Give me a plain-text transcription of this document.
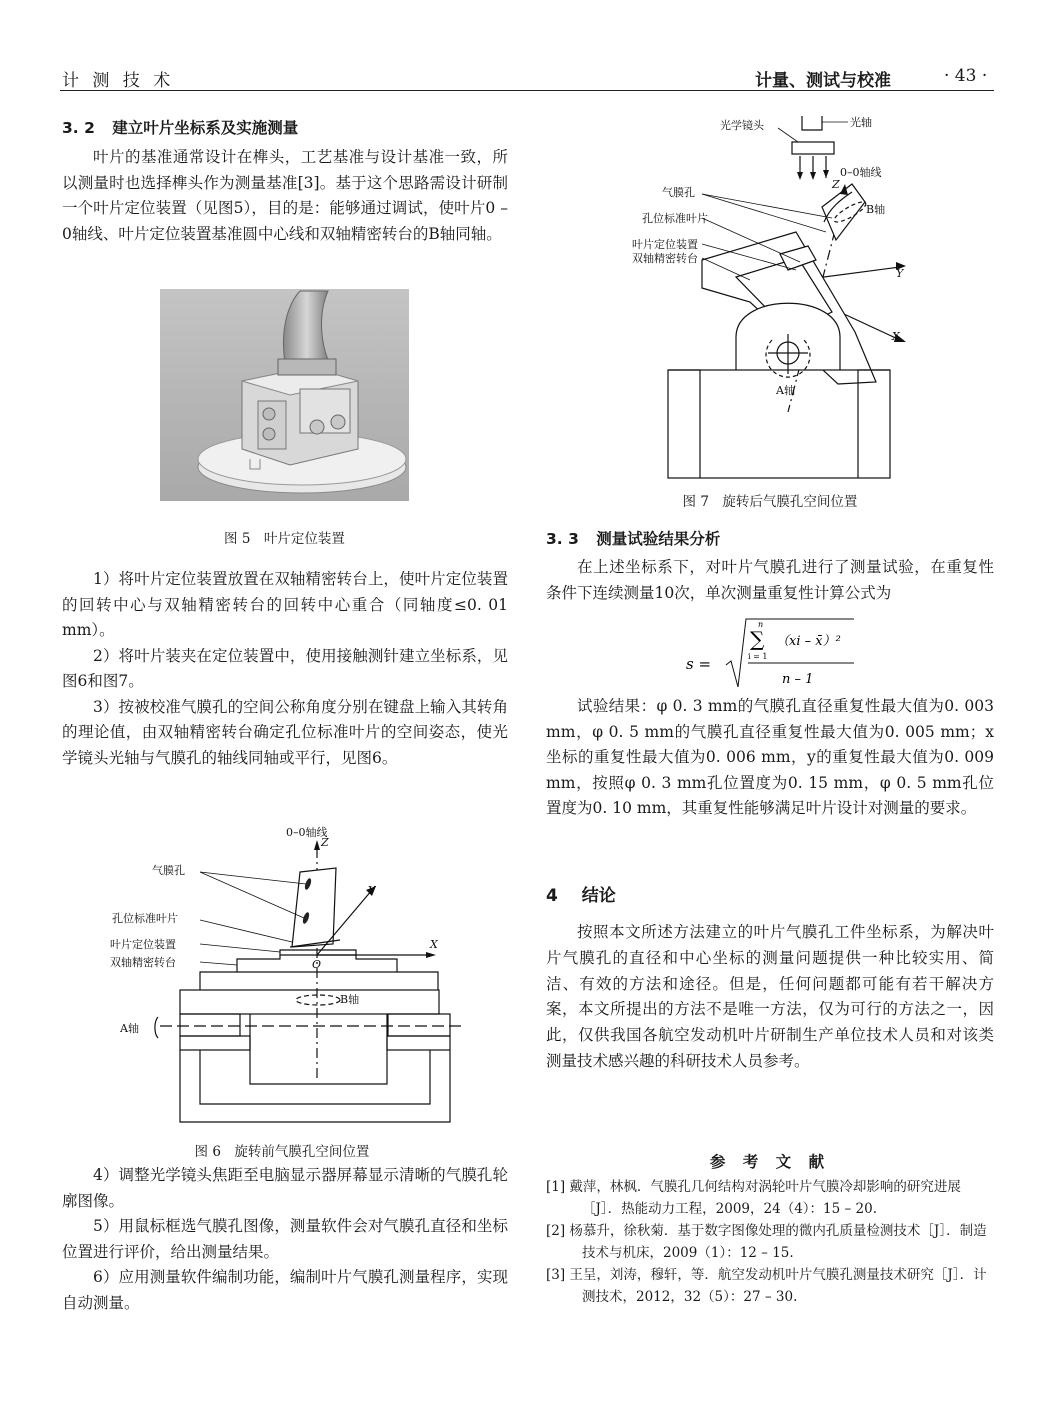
计 测 技 术	计量、测试与校准	· 43 ·
3. 2 建立叶片坐标系及实施测量

叶片的基准通常设计在榫头，工艺基准与设计基准一致，所以测量时也选择榫头作为测量基准[3]。基于这个思路需设计研制一个叶片定位装置（见图5），目的是：能够通过调试，使叶片0 – 0轴线、叶片定位装置基准圆中心线和双轴精密转台的B轴同轴。

图 5　叶片定位装置

1）将叶片定位装置放置在双轴精密转台上，使叶片定位装置的回转中心与双轴精密转台的回转中心重合（同轴度≤0. 01 mm）。

2）将叶片装夹在定位装置中，使用接触测针建立坐标系，见图6和图7。

3）按被校准气膜孔的空间公称角度分别在键盘上输入其转角的理论值，由双轴精密转台确定孔位标准叶片的空间姿态，使光学镜头光轴与气膜孔的轴线同轴或平行，见图6。

0–0轴线
Z
Y
X
O
气膜孔
孔位标准叶片
叶片定位装置
双轴精密转台
B轴
A轴
图 6　旋转前气膜孔空间位置

4）调整光学镜头焦距至电脑显示器屏幕显示清晰的气膜孔轮廓图像。

5）用鼠标框选气膜孔图像，测量软件会对气膜孔直径和坐标位置进行评价，给出测量结果。

6）应用测量软件编制功能，编制叶片气膜孔测量程序，实现自动测量。

光学镜头	光轴
0–0轴线
Z
B轴
Y
X
气膜孔
孔位标准叶片
叶片定位装置
双轴精密转台
A轴
图 7　旋转后气膜孔空间位置
3. 3 测量试验结果分析

在上述坐标系下，对叶片气膜孔进行了测量试验，在重复性条件下连续测量10次，单次测量重复性计算公式为

s =
n
∑
i = 1
（xi – x̄）²
n – 1

试验结果：φ 0. 3 mm的气膜孔直径重复性最大值为0. 003 mm，φ 0. 5 mm的气膜孔直径重复性最大值为0. 005 mm；x坐标的重复性最大值为0. 006 mm，y的重复性最大值为0. 009 mm，按照φ 0. 3 mm孔位置度为0. 15 mm，φ 0. 5 mm孔位置度为0. 10 mm，其重复性能够满足叶片设计对测量的要求。

4 结论

按照本文所述方法建立的叶片气膜孔工件坐标系，为解决叶片气膜孔的直径和中心坐标的测量问题提供一种比较实用、简洁、有效的方法和途径。但是，任何问题都可能有若干解决方案，本文所提出的方法不是唯一方法，仅为可行的方法之一，因此，仅供我国各航空发动机叶片研制生产单位技术人员和对该类测量技术感兴趣的科研技术人员参考。

参 考 文 献
[1] 戴萍，林枫．气膜孔几何结构对涡轮叶片气膜冷却影响的研究进展［J］．热能动力工程，2009，24（4）：15 – 20.
[2] 杨慕升，徐秋菊．基于数字图像处理的微内孔质量检测技术［J］．制造技术与机床，2009（1）：12 – 15.
[3] 王呈，刘涛，穆轩，等．航空发动机叶片气膜孔测量技术研究［J］．计测技术，2012，32（5）：27 – 30.
